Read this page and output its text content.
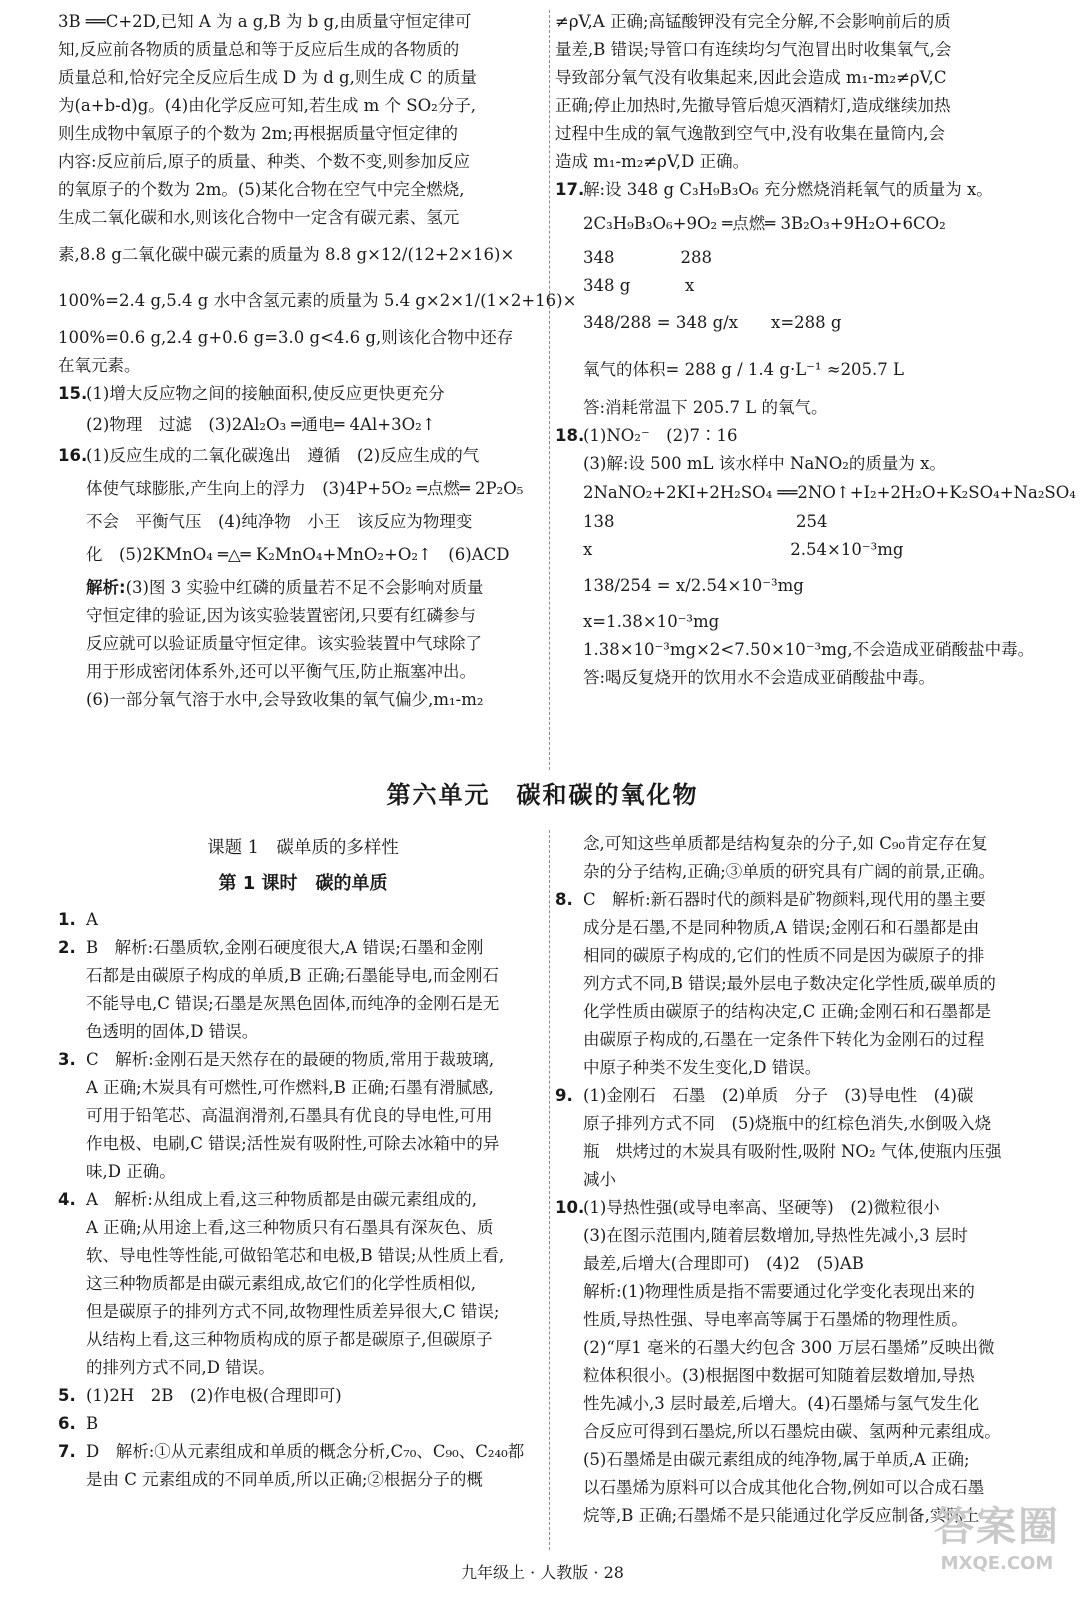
3B ══C+2D,已知 A 为 a g,B 为 b g,由质量守恒定律可

知,反应前各物质的质量总和等于反应后生成的各物质的

质量总和,恰好完全反应后生成 D 为 d g,则生成 C 的质量

为(a+b-d)g。(4)由化学反应可知,若生成 m 个 SO₂分子,

则生成物中氧原子的个数为 2m;再根据质量守恒定律的

内容:反应前后,原子的质量、种类、个数不变,则参加反应

的氧原子的个数为 2m。(5)某化合物在空气中完全燃烧,

生成二氧化碳和水,则该化合物中一定含有碳元素、氢元

素,8.8 g二氧化碳中碳元素的质量为 8.8 g×12/(12+2×16)×

100%=2.4 g,5.4 g 水中含氢元素的质量为 5.4 g×2×1/(1×2+16)×

100%=0.6 g,2.4 g+0.6 g=3.0 g<4.6 g,则该化合物中还存

在氧元素。

15.(1)增大反应物之间的接触面积,使反应更快更充分

(2)物理　过滤　(3)2Al₂O₃ ═通电═ 4Al+3O₂↑

16.(1)反应生成的二氧化碳逸出　遵循　(2)反应生成的气

体使气球膨胀,产生向上的浮力　(3)4P+5O₂ ═点燃═ 2P₂O₅

不会　平衡气压　(4)纯净物　小王　该反应为物理变

化　(5)2KMnO₄ ═△═ K₂MnO₄+MnO₂+O₂↑　(6)ACD

解析:(3)图 3 实验中红磷的质量若不足不会影响对质量

守恒定律的验证,因为该实验装置密闭,只要有红磷参与

反应就可以验证质量守恒定律。该实验装置中气球除了

用于形成密闭体系外,还可以平衡气压,防止瓶塞冲出。

(6)一部分氧气溶于水中,会导致收集的氧气偏少,m₁-m₂

≠ρV,A 正确;高锰酸钾没有完全分解,不会影响前后的质

量差,B 错误;导管口有连续均匀气泡冒出时收集氧气,会

导致部分氧气没有收集起来,因此会造成 m₁-m₂≠ρV,C

正确;停止加热时,先撤导管后熄灭酒精灯,造成继续加热

过程中生成的氧气逸散到空气中,没有收集在量筒内,会

造成 m₁-m₂≠ρV,D 正确。

17.解:设 348 g C₃H₉B₃O₆ 充分燃烧消耗氧气的质量为 x。

2C₃H₉B₃O₆+9O₂ ═点燃═ 3B₂O₃+9H₂O+6CO₂

348　　　　288

348 g　　　 x

348/288 = 348 g/x　　x=288 g

氧气的体积= 288 g / 1.4 g·L⁻¹ ≈205.7 L

答:消耗常温下 205.7 L 的氧气。

18.(1)NO₂⁻　(2)7∶16

(3)解:设 500 mL 该水样中 NaNO₂的质量为 x。

2NaNO₂+2KI+2H₂SO₄ ══2NO↑+I₂+2H₂O+K₂SO₄+Na₂SO₄

138　　　　　　　　　　　254

x　　　　　　　　　　　　2.54×10⁻³mg

138/254 = x/2.54×10⁻³mg

x=1.38×10⁻³mg

1.38×10⁻³mg×2<7.50×10⁻³mg,不会造成亚硝酸盐中毒。

答:喝反复烧开的饮用水不会造成亚硝酸盐中毒。

第六单元　碳和碳的氧化物
课题 1　碳单质的多样性
第 1 课时　碳的单质

1. A

2. B　解析:石墨质软,金刚石硬度很大,A 错误;石墨和金刚

石都是由碳原子构成的单质,B 正确;石墨能导电,而金刚石

不能导电,C 错误;石墨是灰黑色固体,而纯净的金刚石是无

色透明的固体,D 错误。

3. C　解析:金刚石是天然存在的最硬的物质,常用于裁玻璃,

A 正确;木炭具有可燃性,可作燃料,B 正确;石墨有滑腻感,

可用于铅笔芯、高温润滑剂,石墨具有优良的导电性,可用

作电极、电刷,C 错误;活性炭有吸附性,可除去冰箱中的异

味,D 正确。

4. A　解析:从组成上看,这三种物质都是由碳元素组成的,

A 正确;从用途上看,这三种物质只有石墨具有深灰色、质

软、导电性等性能,可做铅笔芯和电极,B 错误;从性质上看,

这三种物质都是由碳元素组成,故它们的化学性质相似,

但是碳原子的排列方式不同,故物理性质差异很大,C 错误;

从结构上看,这三种物质构成的原子都是碳原子,但碳原子

的排列方式不同,D 错误。

5. (1)2H　2B　(2)作电极(合理即可)

6. B

7. D　解析:①从元素组成和单质的概念分析,C₇₀、C₉₀、C₂₄₀都

是由 C 元素组成的不同单质,所以正确;②根据分子的概

念,可知这些单质都是结构复杂的分子,如 C₉₀肯定存在复

杂的分子结构,正确;③单质的研究具有广阔的前景,正确。

8. C　解析:新石器时代的颜料是矿物颜料,现代用的墨主要

成分是石墨,不是同种物质,A 错误;金刚石和石墨都是由

相同的碳原子构成的,它们的性质不同是因为碳原子的排

列方式不同,B 错误;最外层电子数决定化学性质,碳单质的

化学性质由碳原子的结构决定,C 正确;金刚石和石墨都是

由碳原子构成的,石墨在一定条件下转化为金刚石的过程

中原子种类不发生变化,D 错误。

9. (1)金刚石　石墨　(2)单质　分子　(3)导电性　(4)碳

原子排列方式不同　(5)烧瓶中的红棕色消失,水倒吸入烧

瓶　烘烤过的木炭具有吸附性,吸附 NO₂ 气体,使瓶内压强

减小

10.(1)导热性强(或导电率高、坚硬等)　(2)微粒很小

(3)在图示范围内,随着层数增加,导热性先减小,3 层时

最差,后增大(合理即可)　(4)2　(5)AB

解析:(1)物理性质是指不需要通过化学变化表现出来的

性质,导热性强、导电率高等属于石墨烯的物理性质。

(2)“厚1 毫米的石墨大约包含 300 万层石墨烯”反映出微

粒体积很小。(3)根据图中数据可知随着层数增加,导热

性先减小,3 层时最差,后增大。(4)石墨烯与氢气发生化

合反应可得到石墨烷,所以石墨烷由碳、氢两种元素组成。

(5)石墨烯是由碳元素组成的纯净物,属于单质,A 正确;

以石墨烯为原料可以合成其他化合物,例如可以合成石墨

烷等,B 正确;石墨烯不是只能通过化学反应制备,实际上

九年级上 · 人教版 · 28
答案圈
MXQE.COM
